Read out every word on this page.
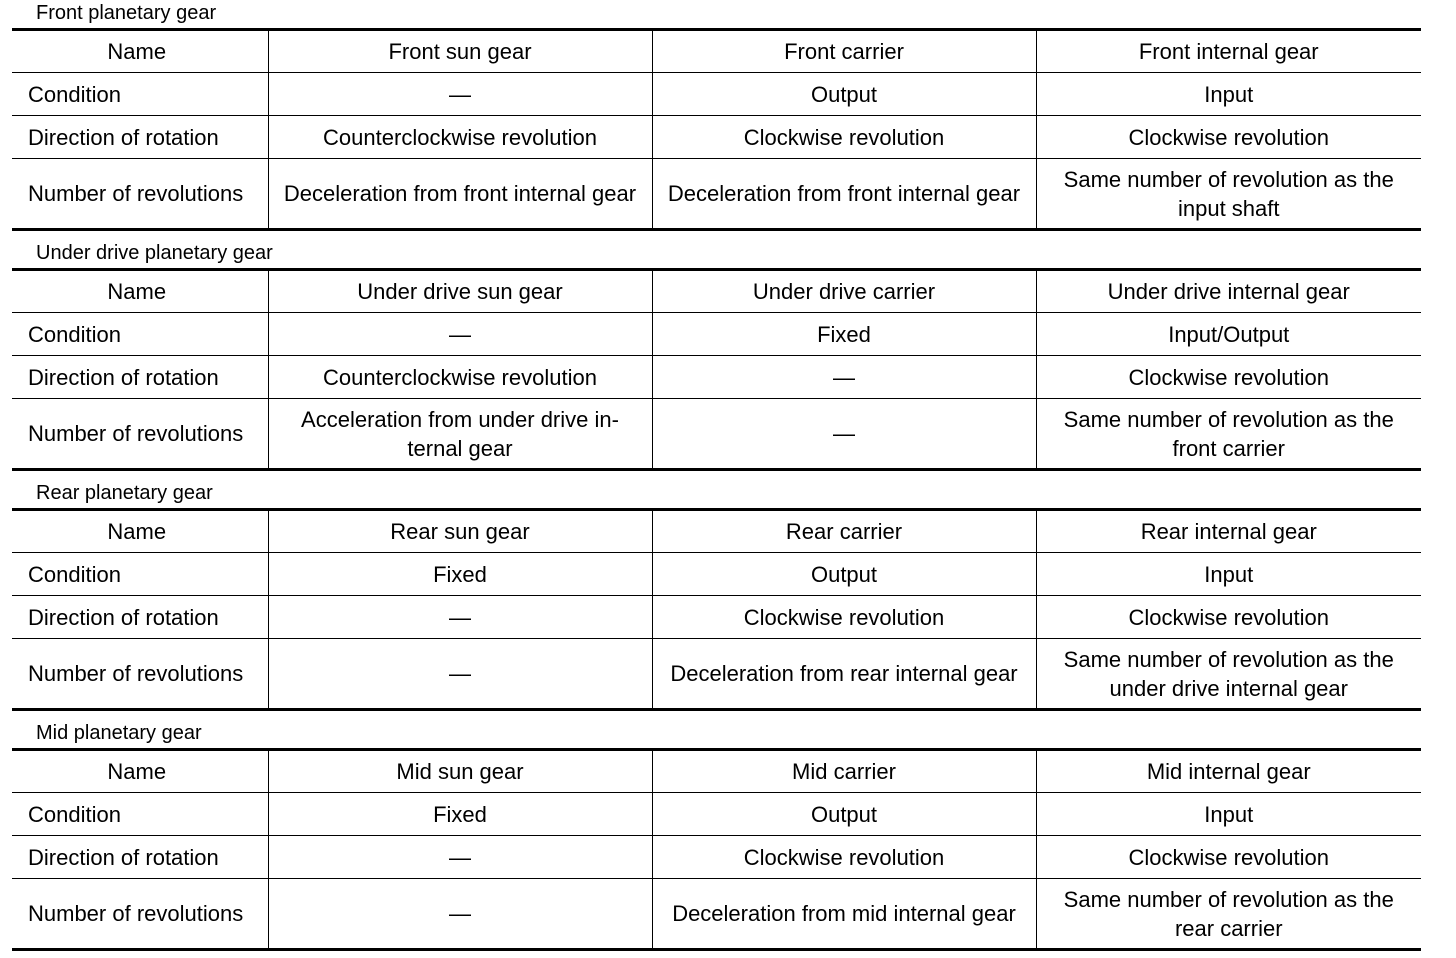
Front planetary gear
Name	Front sun gear	Front carrier	Front internal gear
Condition	—	Output	Input
Direction of rotation	Counterclockwise revolution	Clockwise revolution	Clockwise revolution
Number of revolutions	Deceleration from front internal gear	Deceleration from front internal gear	Same number of revolution as the input shaft
Under drive planetary gear
Name	Under drive sun gear	Under drive carrier	Under drive internal gear
Condition	—	Fixed	Input/Output
Direction of rotation	Counterclockwise revolution	—	Clockwise revolution
Number of revolutions	Acceleration from under drive in-ternal gear	—	Same number of revolution as the front carrier
Rear planetary gear
Name	Rear sun gear	Rear carrier	Rear internal gear
Condition	Fixed	Output	Input
Direction of rotation	—	Clockwise revolution	Clockwise revolution
Number of revolutions	—	Deceleration from rear internal gear	Same number of revolution as the under drive internal gear
Mid planetary gear
Name	Mid sun gear	Mid carrier	Mid internal gear
Condition	Fixed	Output	Input
Direction of rotation	—	Clockwise revolution	Clockwise revolution
Number of revolutions	—	Deceleration from mid internal gear	Same number of revolution as the rear carrier
